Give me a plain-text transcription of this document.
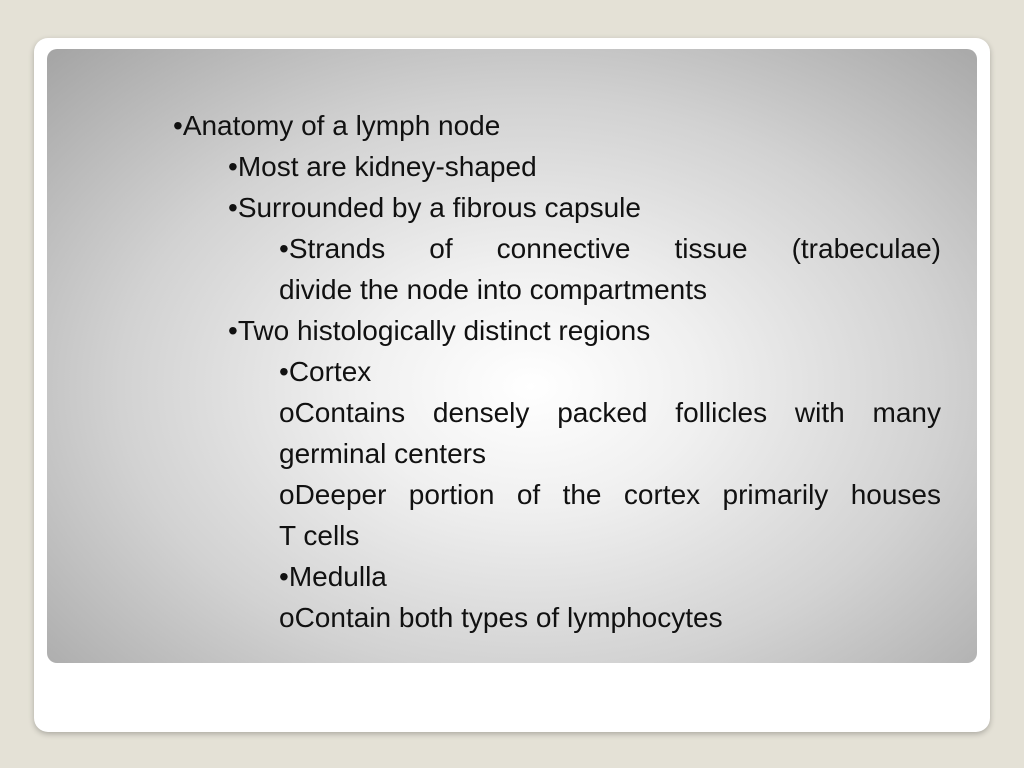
•Anatomy of a lymph node
•Most are kidney-shaped
•Surrounded by a fibrous capsule
•Strands of connective tissue (trabeculae)
divide the node into compartments
•Two histologically distinct regions
•Cortex
oContains densely packed follicles with many
germinal centers
oDeeper portion of the cortex primarily houses
T cells
•Medulla
oContain both types of lymphocytes
